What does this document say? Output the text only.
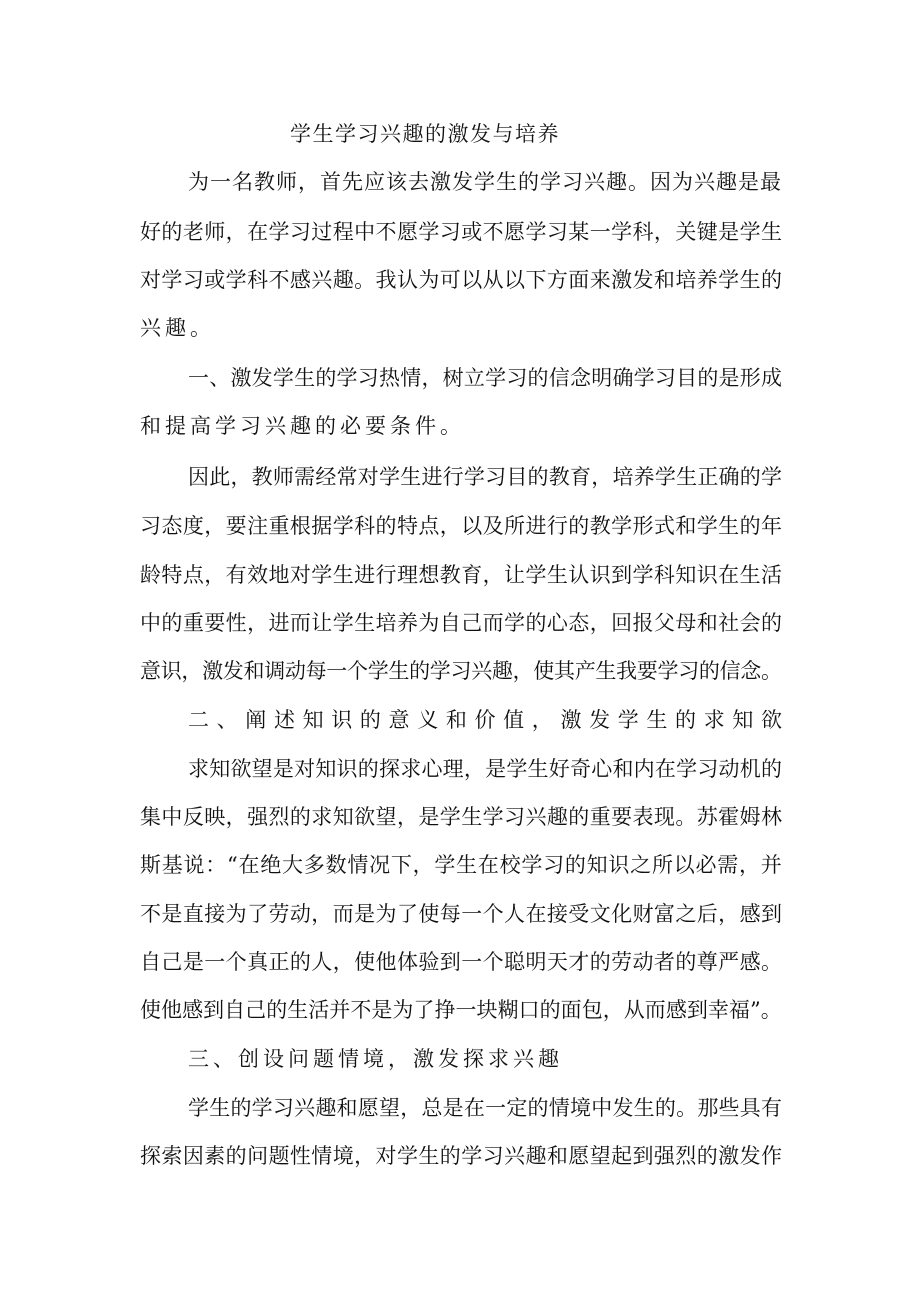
学生学习兴趣的激发与培养
为一名教师，首先应该去激发学生的学习兴趣。因为兴趣是最
好的老师，在学习过程中不愿学习或不愿学习某一学科，关键是学生
对学习或学科不感兴趣。我认为可以从以下方面来激发和培养学生的
兴趣。
一、激发学生的学习热情，树立学习的信念明确学习目的是形成
和提高学习兴趣的必要条件。
因此，教师需经常对学生进行学习目的教育，培养学生正确的学
习态度，要注重根据学科的特点，以及所进行的教学形式和学生的年
龄特点，有效地对学生进行理想教育，让学生认识到学科知识在生活
中的重要性，进而让学生培养为自己而学的心态，回报父母和社会的
意识，激发和调动每一个学生的学习兴趣，使其产生我要学习的信念。
二、阐述知识的意义和价值，激发学生的求知欲
求知欲望是对知识的探求心理，是学生好奇心和内在学习动机的
集中反映，强烈的求知欲望，是学生学习兴趣的重要表现。苏霍姆林
斯基说：“在绝大多数情况下，学生在校学习的知识之所以必需，并
不是直接为了劳动，而是为了使每一个人在接受文化财富之后，感到
自己是一个真正的人，使他体验到一个聪明天才的劳动者的尊严感。
使他感到自己的生活并不是为了挣一块糊口的面包，从而感到幸福”。
三、创设问题情境，激发探求兴趣
学生的学习兴趣和愿望，总是在一定的情境中发生的。那些具有
探索因素的问题性情境，对学生的学习兴趣和愿望起到强烈的激发作
